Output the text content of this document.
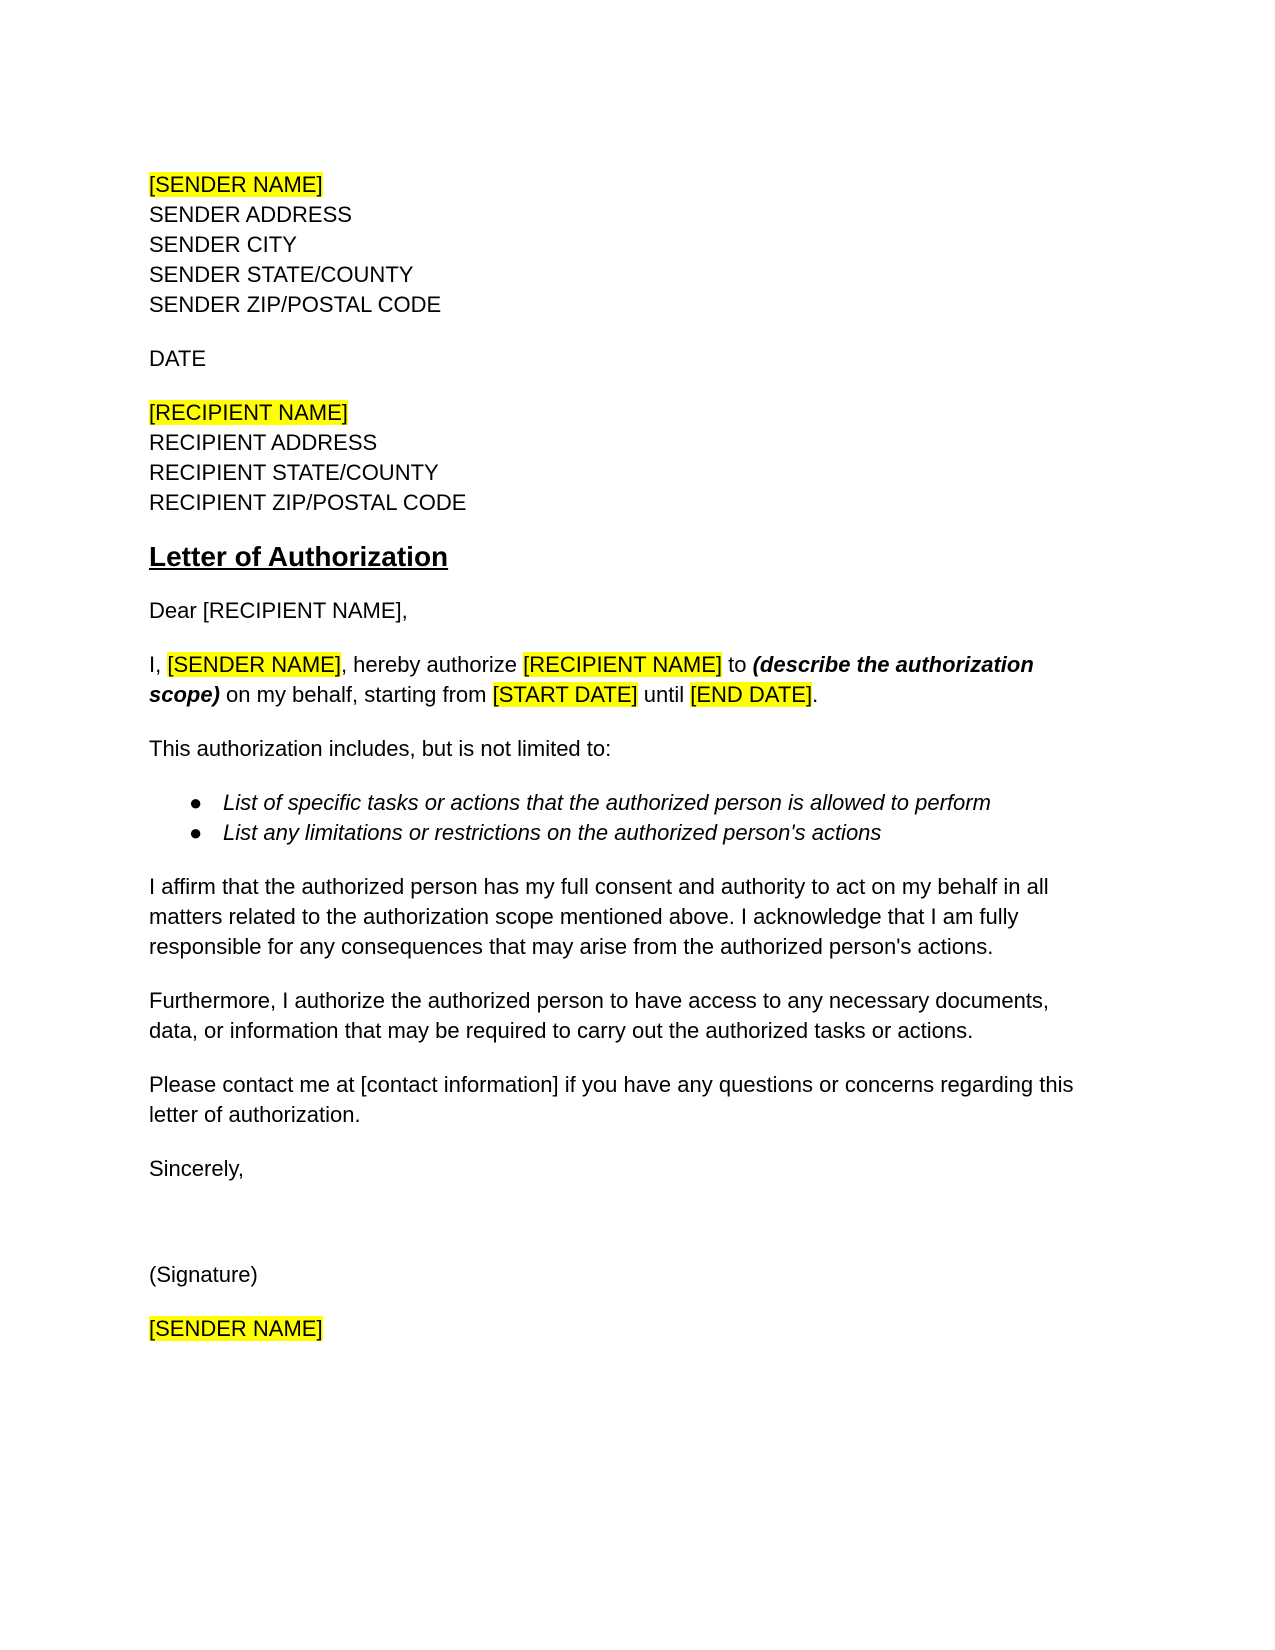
[SENDER NAME]
SENDER ADDRESS
SENDER CITY
SENDER STATE/COUNTY
SENDER ZIP/POSTAL CODE
DATE
[RECIPIENT NAME]
RECIPIENT ADDRESS
RECIPIENT STATE/COUNTY
RECIPIENT ZIP/POSTAL CODE
Letter of Authorization
Dear [RECIPIENT NAME],
I, [SENDER NAME], hereby authorize [RECIPIENT NAME] to (describe the authorization
scope) on my behalf, starting from [START DATE] until [END DATE].
This authorization includes, but is not limited to:
● List of specific tasks or actions that the authorized person is allowed to perform
● List any limitations or restrictions on the authorized person's actions
I affirm that the authorized person has my full consent and authority to act on my behalf in all
matters related to the authorization scope mentioned above. I acknowledge that I am fully
responsible for any consequences that may arise from the authorized person's actions.
Furthermore, I authorize the authorized person to have access to any necessary documents,
data, or information that may be required to carry out the authorized tasks or actions.
Please contact me at [contact information] if you have any questions or concerns regarding this
letter of authorization.
Sincerely,
(Signature)
[SENDER NAME]
